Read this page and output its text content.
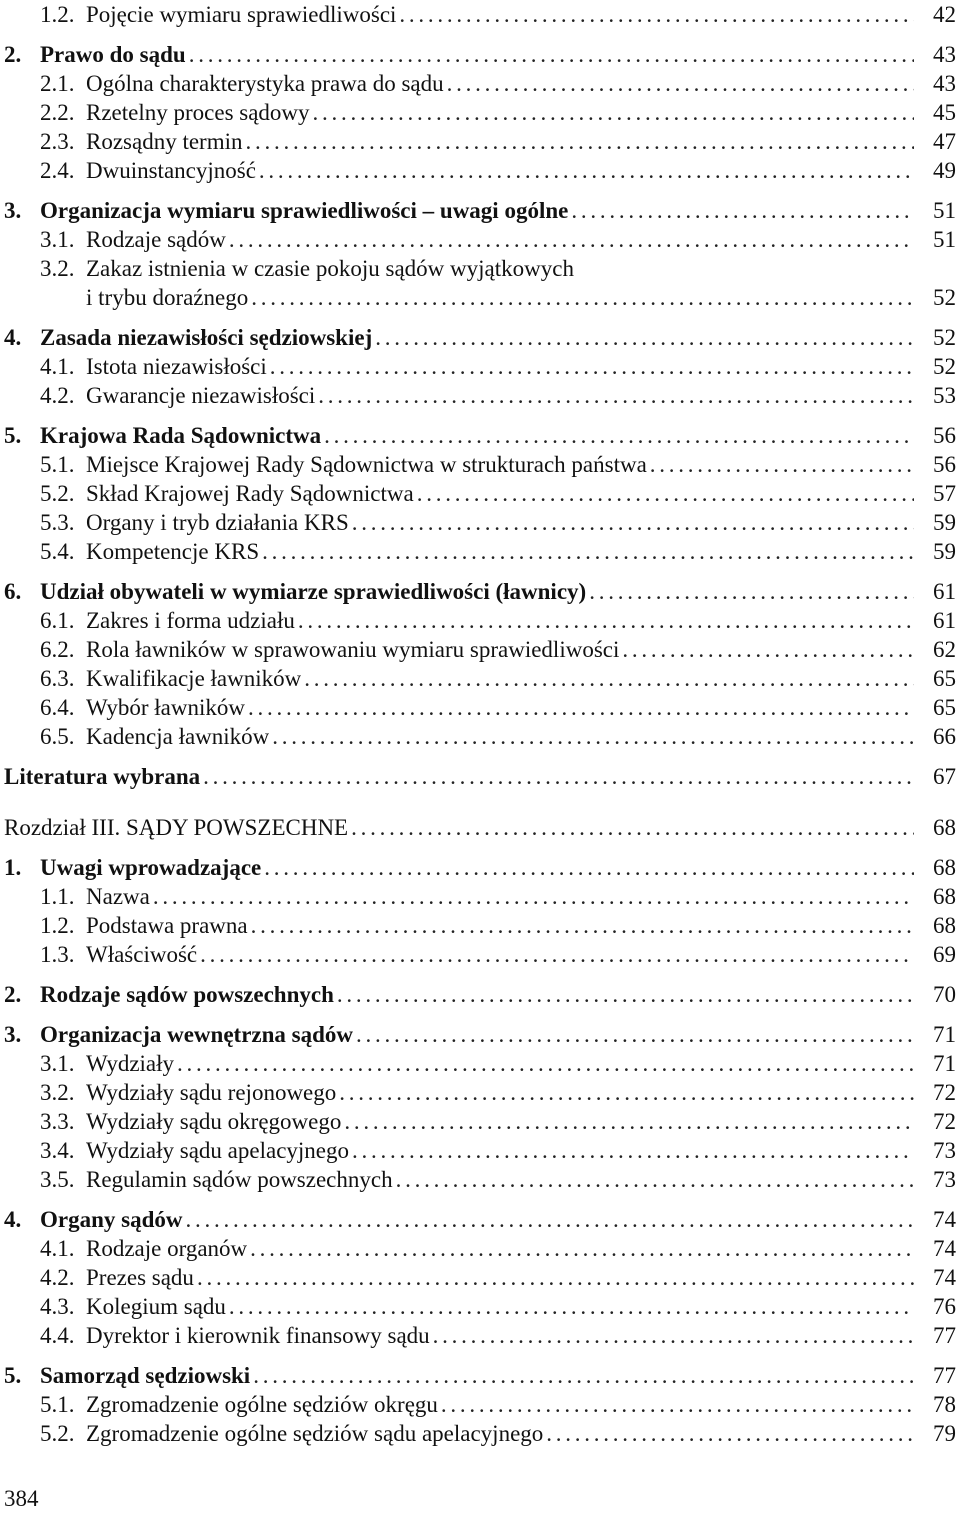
1.2. Pojęcie wymiaru sprawiedliwości . . .	42
2. Prawo do sądu . . .	43
2.1. Ogólna charakterystyka prawa do sądu . . .	43
2.2. Rzetelny proces sądowy . . .	45
2.3. Rozsądny termin . . .	47
2.4. Dwuinstancyjność . . .	49
3. Organizacja wymiaru sprawiedliwości – uwagi ogólne . . .	51
3.1. Rodzaje sądów . . .	51
3.2. Zakaz istnienia w czasie pokoju sądów wyjątkowych
i trybu doraźnego . . .	52
4. Zasada niezawisłości sędziowskiej . . .	52
4.1. Istota niezawisłości . . .	52
4.2. Gwarancje niezawisłości . . .	53
5. Krajowa Rada Sądownictwa . . .	56
5.1. Miejsce Krajowej Rady Sądownictwa w strukturach państwa . . .	56
5.2. Skład Krajowej Rady Sądownictwa . . .	57
5.3. Organy i tryb działania KRS . . .	59
5.4. Kompetencje KRS . . .	59
6. Udział obywateli w wymiarze sprawiedliwości (ławnicy) . . .	61
6.1. Zakres i forma udziału . . .	61
6.2. Rola ławników w sprawowaniu wymiaru sprawiedliwości . . .	62
6.3. Kwalifikacje ławników . . .	65
6.4. Wybór ławników . . .	65
6.5. Kadencja ławników . . .	66
Literatura wybrana . . .	67
Rozdział III. SĄDY POWSZECHNE . . .	68
1. Uwagi wprowadzające . . .	68
1.1. Nazwa . . .	68
1.2. Podstawa prawna . . .	68
1.3. Właściwość . . .	69
2. Rodzaje sądów powszechnych . . .	70
3. Organizacja wewnętrzna sądów . . .	71
3.1. Wydziały . . .	71
3.2. Wydziały sądu rejonowego . . .	72
3.3. Wydziały sądu okręgowego . . .	72
3.4. Wydziały sądu apelacyjnego . . .	73
3.5. Regulamin sądów powszechnych . . .	73
4. Organy sądów . . .	74
4.1. Rodzaje organów . . .	74
4.2. Prezes sądu . . .	74
4.3. Kolegium sądu . . .	76
4.4. Dyrektor i kierownik finansowy sądu . . .	77
5. Samorząd sędziowski . . .	77
5.1. Zgromadzenie ogólne sędziów okręgu . . .	78
5.2. Zgromadzenie ogólne sędziów sądu apelacyjnego . . .	79
384
